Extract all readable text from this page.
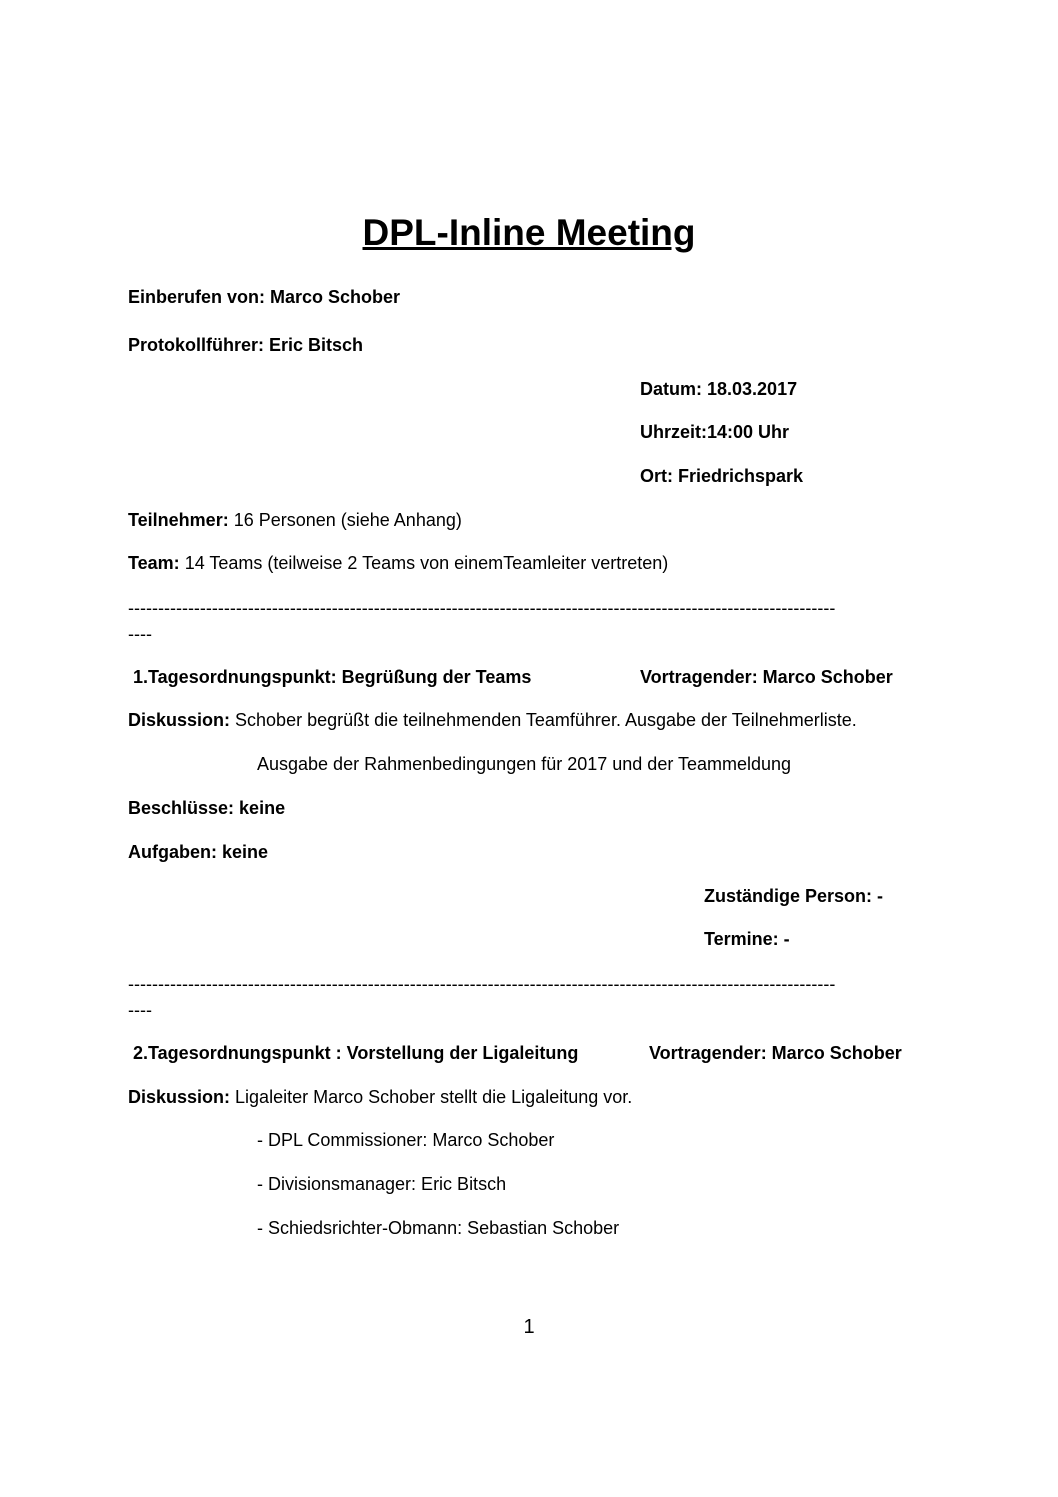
DPL-Inline Meeting
Einberufen von: Marco Schober
Protokollführer: Eric Bitsch
Datum: 18.03.2017
Uhrzeit:14:00 Uhr
Ort: Friedrichspark
Teilnehmer: 16 Personen (siehe Anhang)
Team: 14 Teams (teilweise 2 Teams von einemTeamleiter vertreten)
----------------------------------------------------------------------------------------------------------------------
----
1.Tagesordnungspunkt: Begrüßung der Teams	Vortragender: Marco Schober
Diskussion: Schober begrüßt die teilnehmenden Teamführer. Ausgabe der Teilnehmerliste.
Ausgabe der Rahmenbedingungen für 2017 und der Teammeldung
Beschlüsse: keine
Aufgaben: keine
Zuständige Person: -
Termine: -
----------------------------------------------------------------------------------------------------------------------
----
2.Tagesordnungspunkt : Vorstellung der Ligaleitung	Vortragender: Marco Schober
Diskussion: Ligaleiter Marco Schober stellt die Ligaleitung vor.
- DPL Commissioner: Marco Schober
- Divisionsmanager: Eric Bitsch
- Schiedsrichter-Obmann: Sebastian Schober
1
